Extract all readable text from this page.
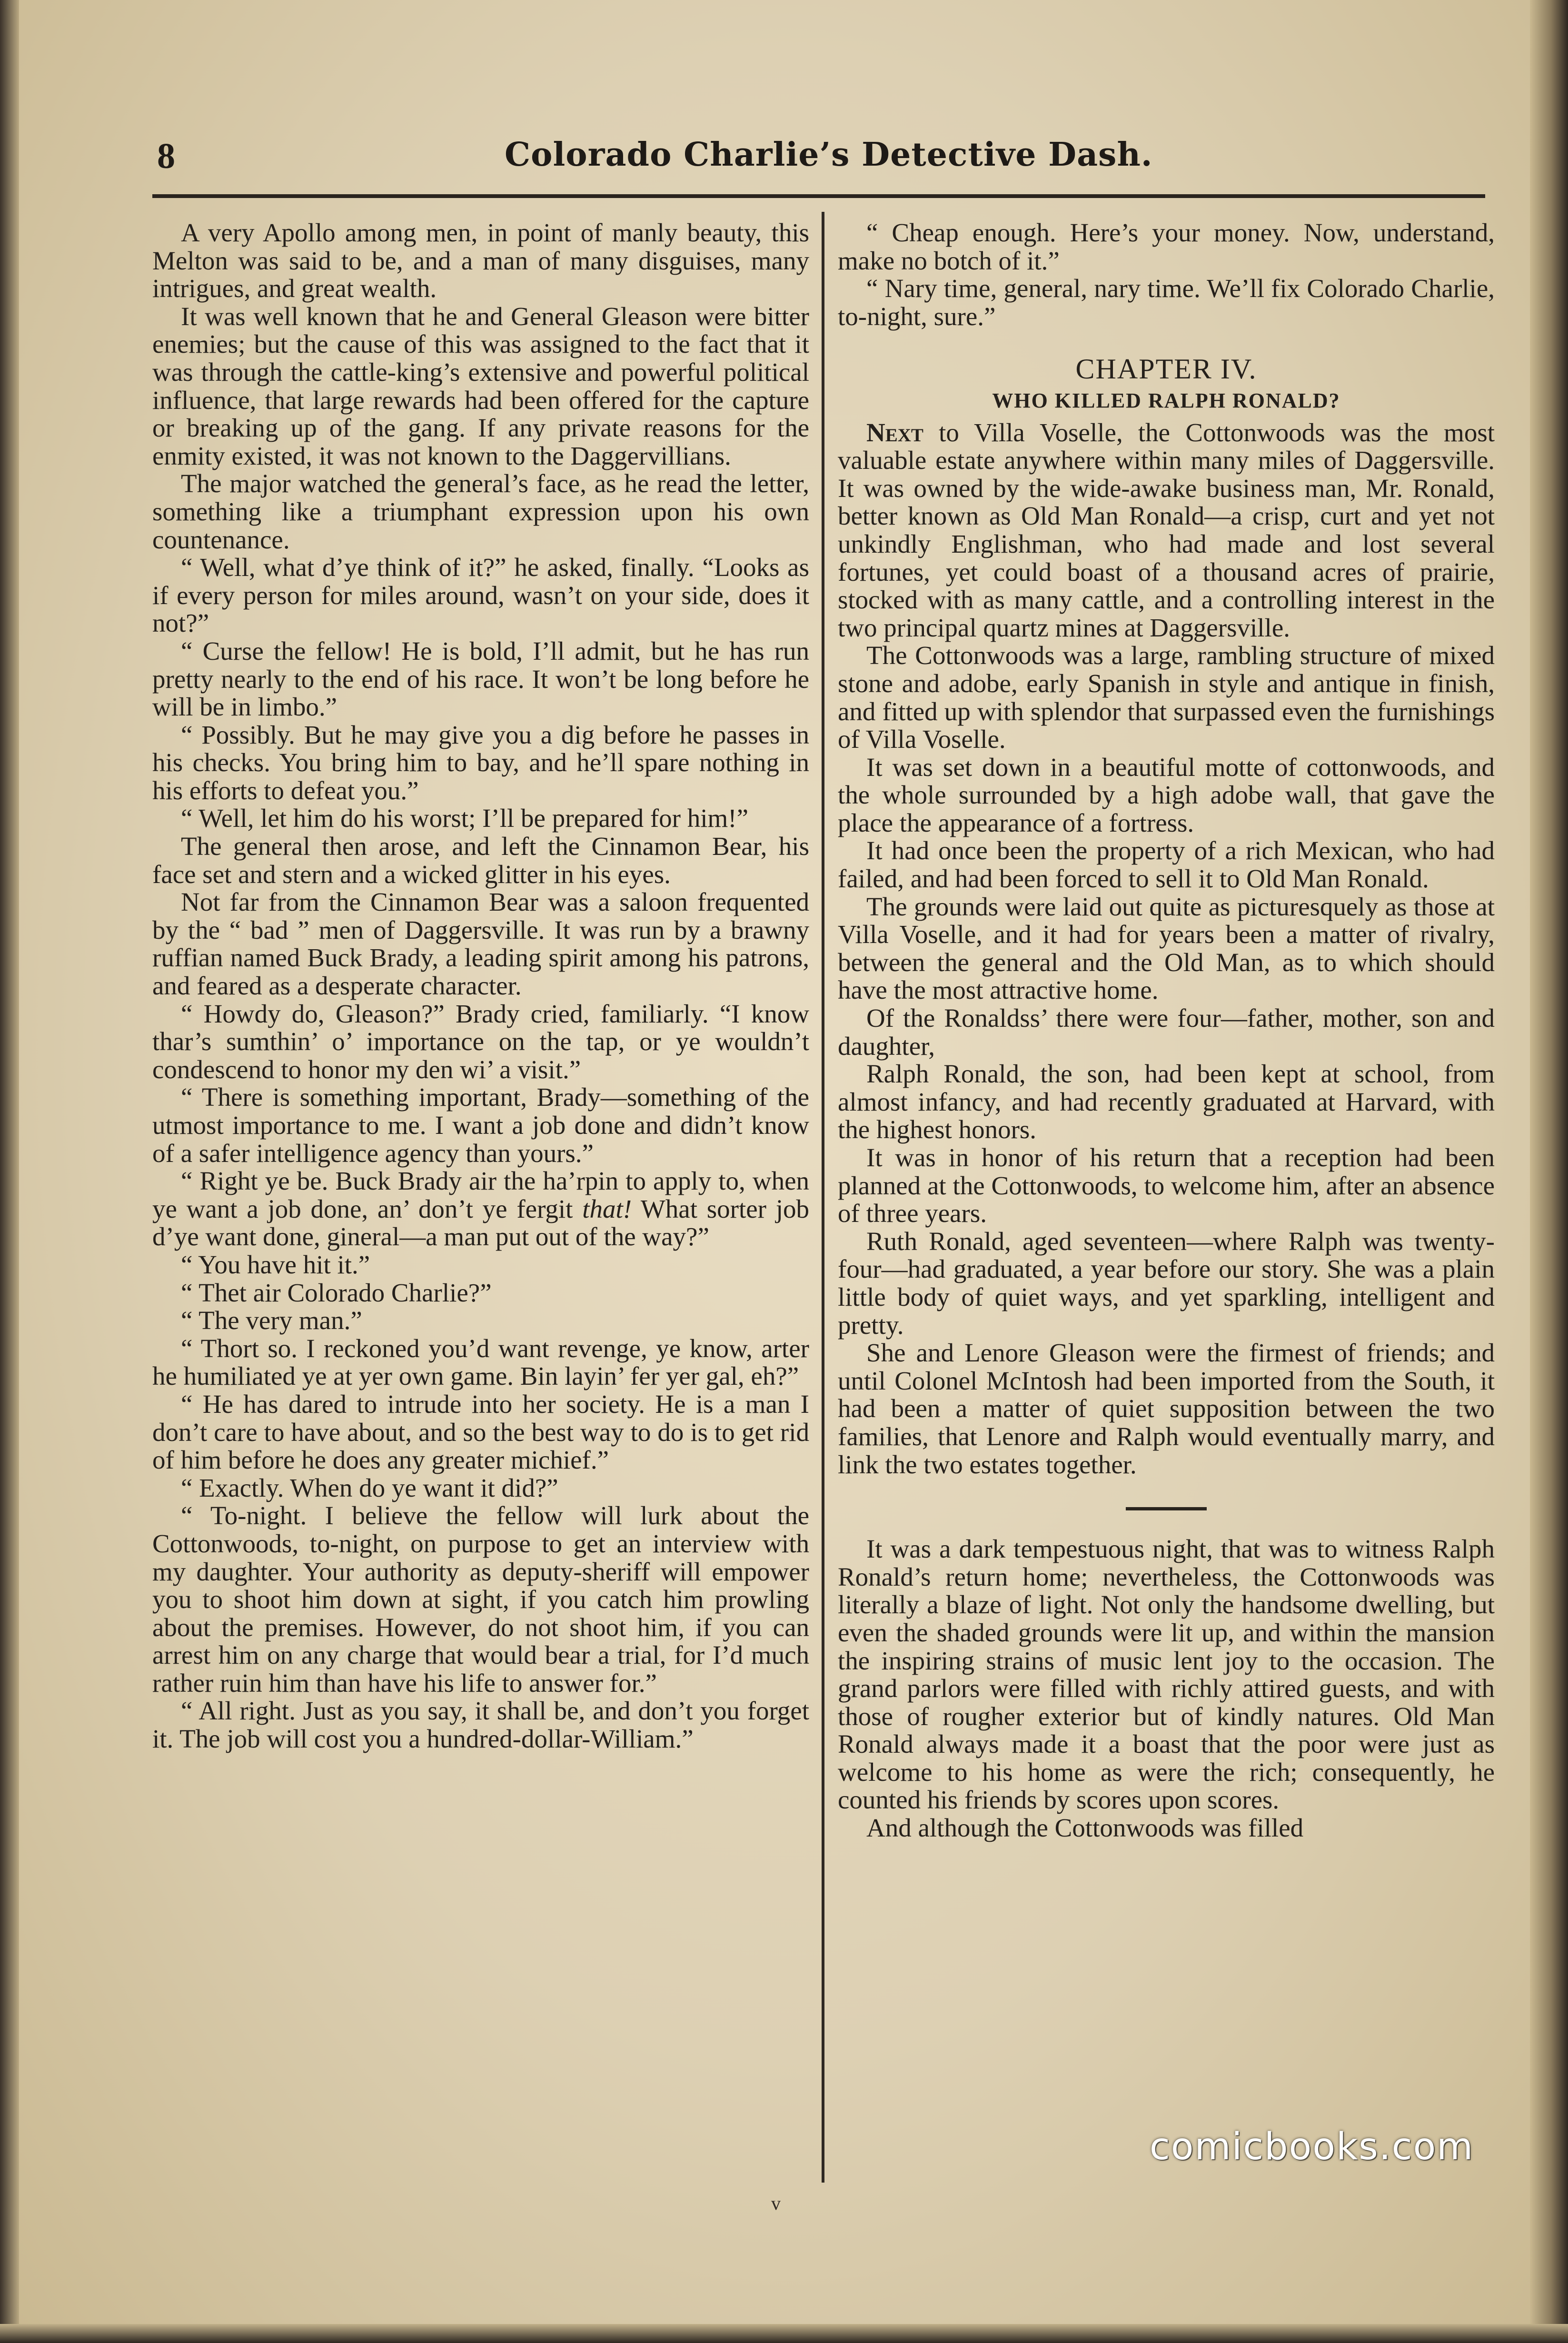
8	Colorado Charlie’s Detective Dash.

A very Apollo among men, in point of manly beauty, this Melton was said to be, and a man of many disguises, many intrigues, and great wealth.

It was well known that he and General Gleason were bitter enemies; but the cause of this was assigned to the fact that it was through the cattle-king’s extensive and powerful political influence, that large rewards had been offered for the capture or breaking up of the gang. If any private reasons for the enmity existed, it was not known to the Daggervillians.

The major watched the general’s face, as he read the letter, something like a triumphant expression upon his own countenance.

“ Well, what d’ye think of it?” he asked, finally. “Looks as if every person for miles around, wasn’t on your side, does it not?”

“ Curse the fellow! He is bold, I’ll admit, but he has run pretty nearly to the end of his race. It won’t be long before he will be in limbo.”

“ Possibly. But he may give you a dig before he passes in his checks. You bring him to bay, and he’ll spare nothing in his efforts to defeat you.”

“ Well, let him do his worst; I’ll be prepared for him!”

The general then arose, and left the Cinnamon Bear, his face set and stern and a wicked glitter in his eyes.

Not far from the Cinnamon Bear was a saloon frequented by the “ bad ” men of Daggersville. It was run by a brawny ruffian named Buck Brady, a leading spirit among his patrons, and feared as a desperate character.

“ Howdy do, Gleason?” Brady cried, familiarly. “I know thar’s sumthin’ o’ importance on the tap, or ye wouldn’t condescend to honor my den wi’ a visit.”

“ There is something important, Brady—something of the utmost importance to me. I want a job done and didn’t know of a safer intelligence agency than yours.”

“ Right ye be. Buck Brady air the ha’rpin to apply to, when ye want a job done, an’ don’t ye fergit that! What sorter job d’ye want done, gineral—a man put out of the way?”

“ You have hit it.”

“ Thet air Colorado Charlie?”

“ The very man.”

“ Thort so. I reckoned you’d want revenge, ye know, arter he humiliated ye at yer own game. Bin layin’ fer yer gal, eh?”

“ He has dared to intrude into her society. He is a man I don’t care to have about, and so the best way to do is to get rid of him before he does any greater michief.”

“ Exactly. When do ye want it did?”

“ To-night. I believe the fellow will lurk about the Cottonwoods, to-night, on purpose to get an interview with my daughter. Your authority as deputy-sheriff will empower you to shoot him down at sight, if you catch him prowling about the premises. However, do not shoot him, if you can arrest him on any charge that would bear a trial, for I’d much rather ruin him than have his life to answer for.”

“ All right. Just as you say, it shall be, and don’t you forget it. The job will cost you a hundred-dollar-William.”

“ Cheap enough. Here’s your money. Now, understand, make no botch of it.”

“ Nary time, general, nary time. We’ll fix Colorado Charlie, to-night, sure.”

CHAPTER IV.
WHO KILLED RALPH RONALD?

Next to Villa Voselle, the Cottonwoods was the most valuable estate anywhere within many miles of Daggersville. It was owned by the wide-awake business man, Mr. Ronald, better known as Old Man Ronald—a crisp, curt and yet not unkindly Englishman, who had made and lost several fortunes, yet could boast of a thousand acres of prairie, stocked with as many cattle, and a controlling interest in the two principal quartz mines at Daggersville.

The Cottonwoods was a large, rambling structure of mixed stone and adobe, early Spanish in style and antique in finish, and fitted up with splendor that surpassed even the furnishings of Villa Voselle.

It was set down in a beautiful motte of cottonwoods, and the whole surrounded by a high adobe wall, that gave the place the appearance of a fortress.

It had once been the property of a rich Mexican, who had failed, and had been forced to sell it to Old Man Ronald.

The grounds were laid out quite as picturesquely as those at Villa Voselle, and it had for years been a matter of rivalry, between the general and the Old Man, as to which should have the most attractive home.

Of the Ronaldss’ there were four—father, mother, son and daughter,

Ralph Ronald, the son, had been kept at school, from almost infancy, and had recently graduated at Harvard, with the highest honors.

It was in honor of his return that a reception had been planned at the Cottonwoods, to welcome him, after an absence of three years.

Ruth Ronald, aged seventeen—where Ralph was twenty-four—had graduated, a year before our story. She was a plain little body of quiet ways, and yet sparkling, intelligent and pretty.

She and Lenore Gleason were the firmest of friends; and until Colonel McIntosh had been imported from the South, it had been a matter of quiet supposition between the two families, that Lenore and Ralph would eventually marry, and link the two estates together.

It was a dark tempestuous night, that was to witness Ralph Ronald’s return home; nevertheless, the Cottonwoods was literally a blaze of light. Not only the handsome dwelling, but even the shaded grounds were lit up, and within the mansion the inspiring strains of music lent joy to the occasion. The grand parlors were filled with richly attired guests, and with those of rougher exterior but of kindly natures. Old Man Ronald always made it a boast that the poor were just as welcome to his home as were the rich; consequently, he counted his friends by scores upon scores.

And although the Cottonwoods was filled

v
comicbooks.com
